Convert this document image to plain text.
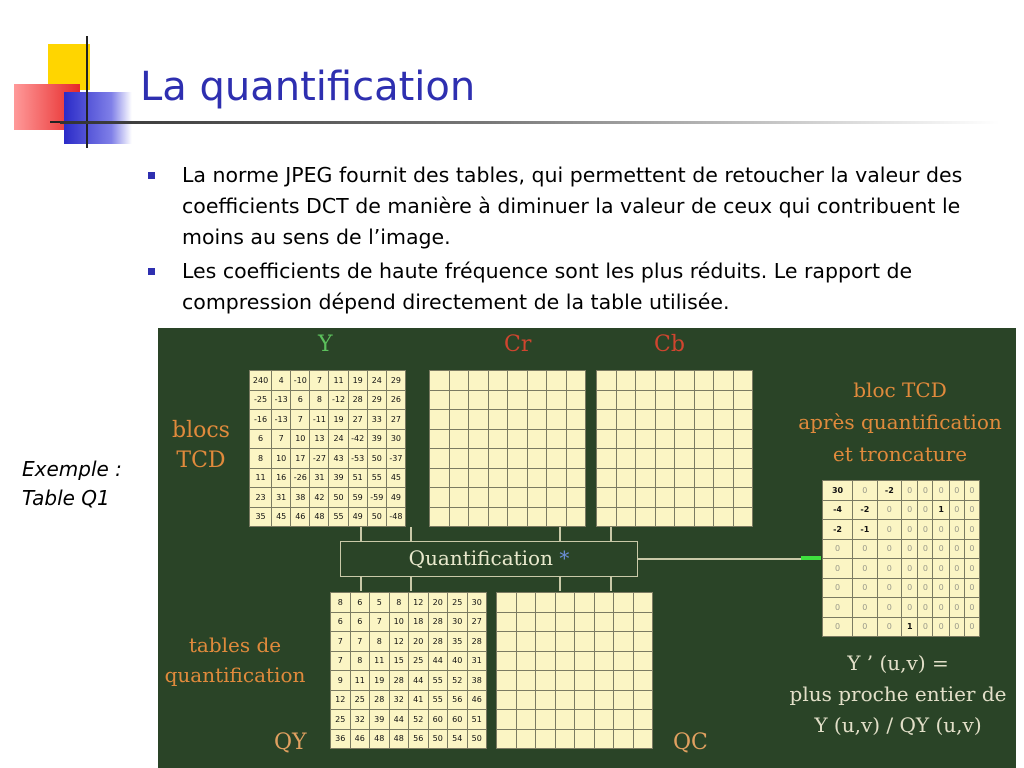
La quantification
La norme JPEG fournit des tables, qui permettent de retoucher la valeur des coefficients DCT de manière à diminuer la valeur de ceux qui contribuent le moins au sens de l’image.
Les coefficients de haute fréquence sont les plus réduits. Le rapport de compression dépend directement de la table utilisée.
Exemple :
Table Q1
Y	Cr	Cb
blocs
TCD
240	4	-10	7	11	19	24	29
-25	-13	6	8	-12	28	29	26
-16	-13	7	-11	19	27	33	27
6	7	10	13	24	-42	39	30
8	10	17	-27	43	-53	50	-37
11	16	-26	31	39	51	55	45
23	31	38	42	50	59	-59	49
35	45	46	48	55	49	50	-48

Quantification *
bloc TCD
après quantification
et troncature
30	0	-2	0	0	0	0	0
-4	-2	0	0	0	1	0	0
-2	-1	0	0	0	0	0	0
0	0	0	0	0	0	0	0
0	0	0	0	0	0	0	0
0	0	0	0	0	0	0	0
0	0	0	0	0	0	0	0
0	0	0	1	0	0	0	0
Y ’ (u,v) =
plus proche entier de
Y (u,v) / QY (u,v)
tables de
quantification
8	6	5	8	12	20	25	30
6	6	7	10	18	28	30	27
7	7	8	12	20	28	35	28
7	8	11	15	25	44	40	31
9	11	19	28	44	55	52	38
12	25	28	32	41	55	56	46
25	32	39	44	52	60	60	51
36	46	48	48	56	50	54	50

QY	QC
